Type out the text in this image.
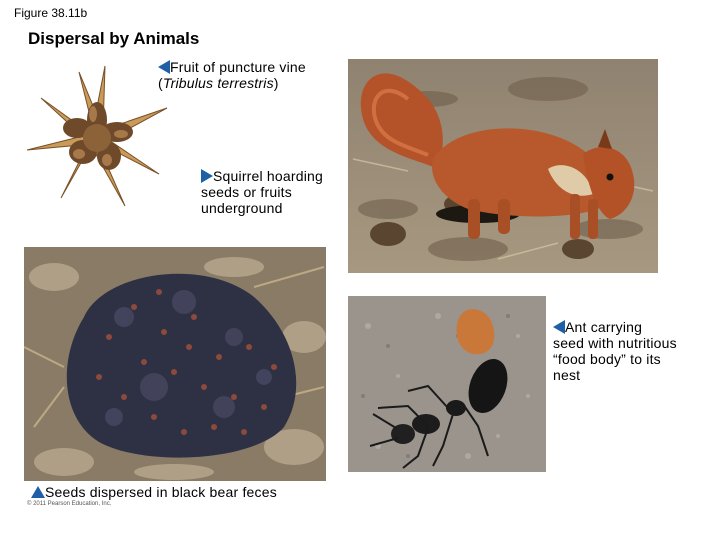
Figure 38.11b
Dispersal by Animals
Fruit of puncture vine
(Tribulus terrestris)
Squirrel hoarding
seeds or fruits
underground
Ant carrying
seed with nutritious
“food body” to its
nest
Seeds dispersed in black bear feces
© 2011 Pearson Education, Inc.
